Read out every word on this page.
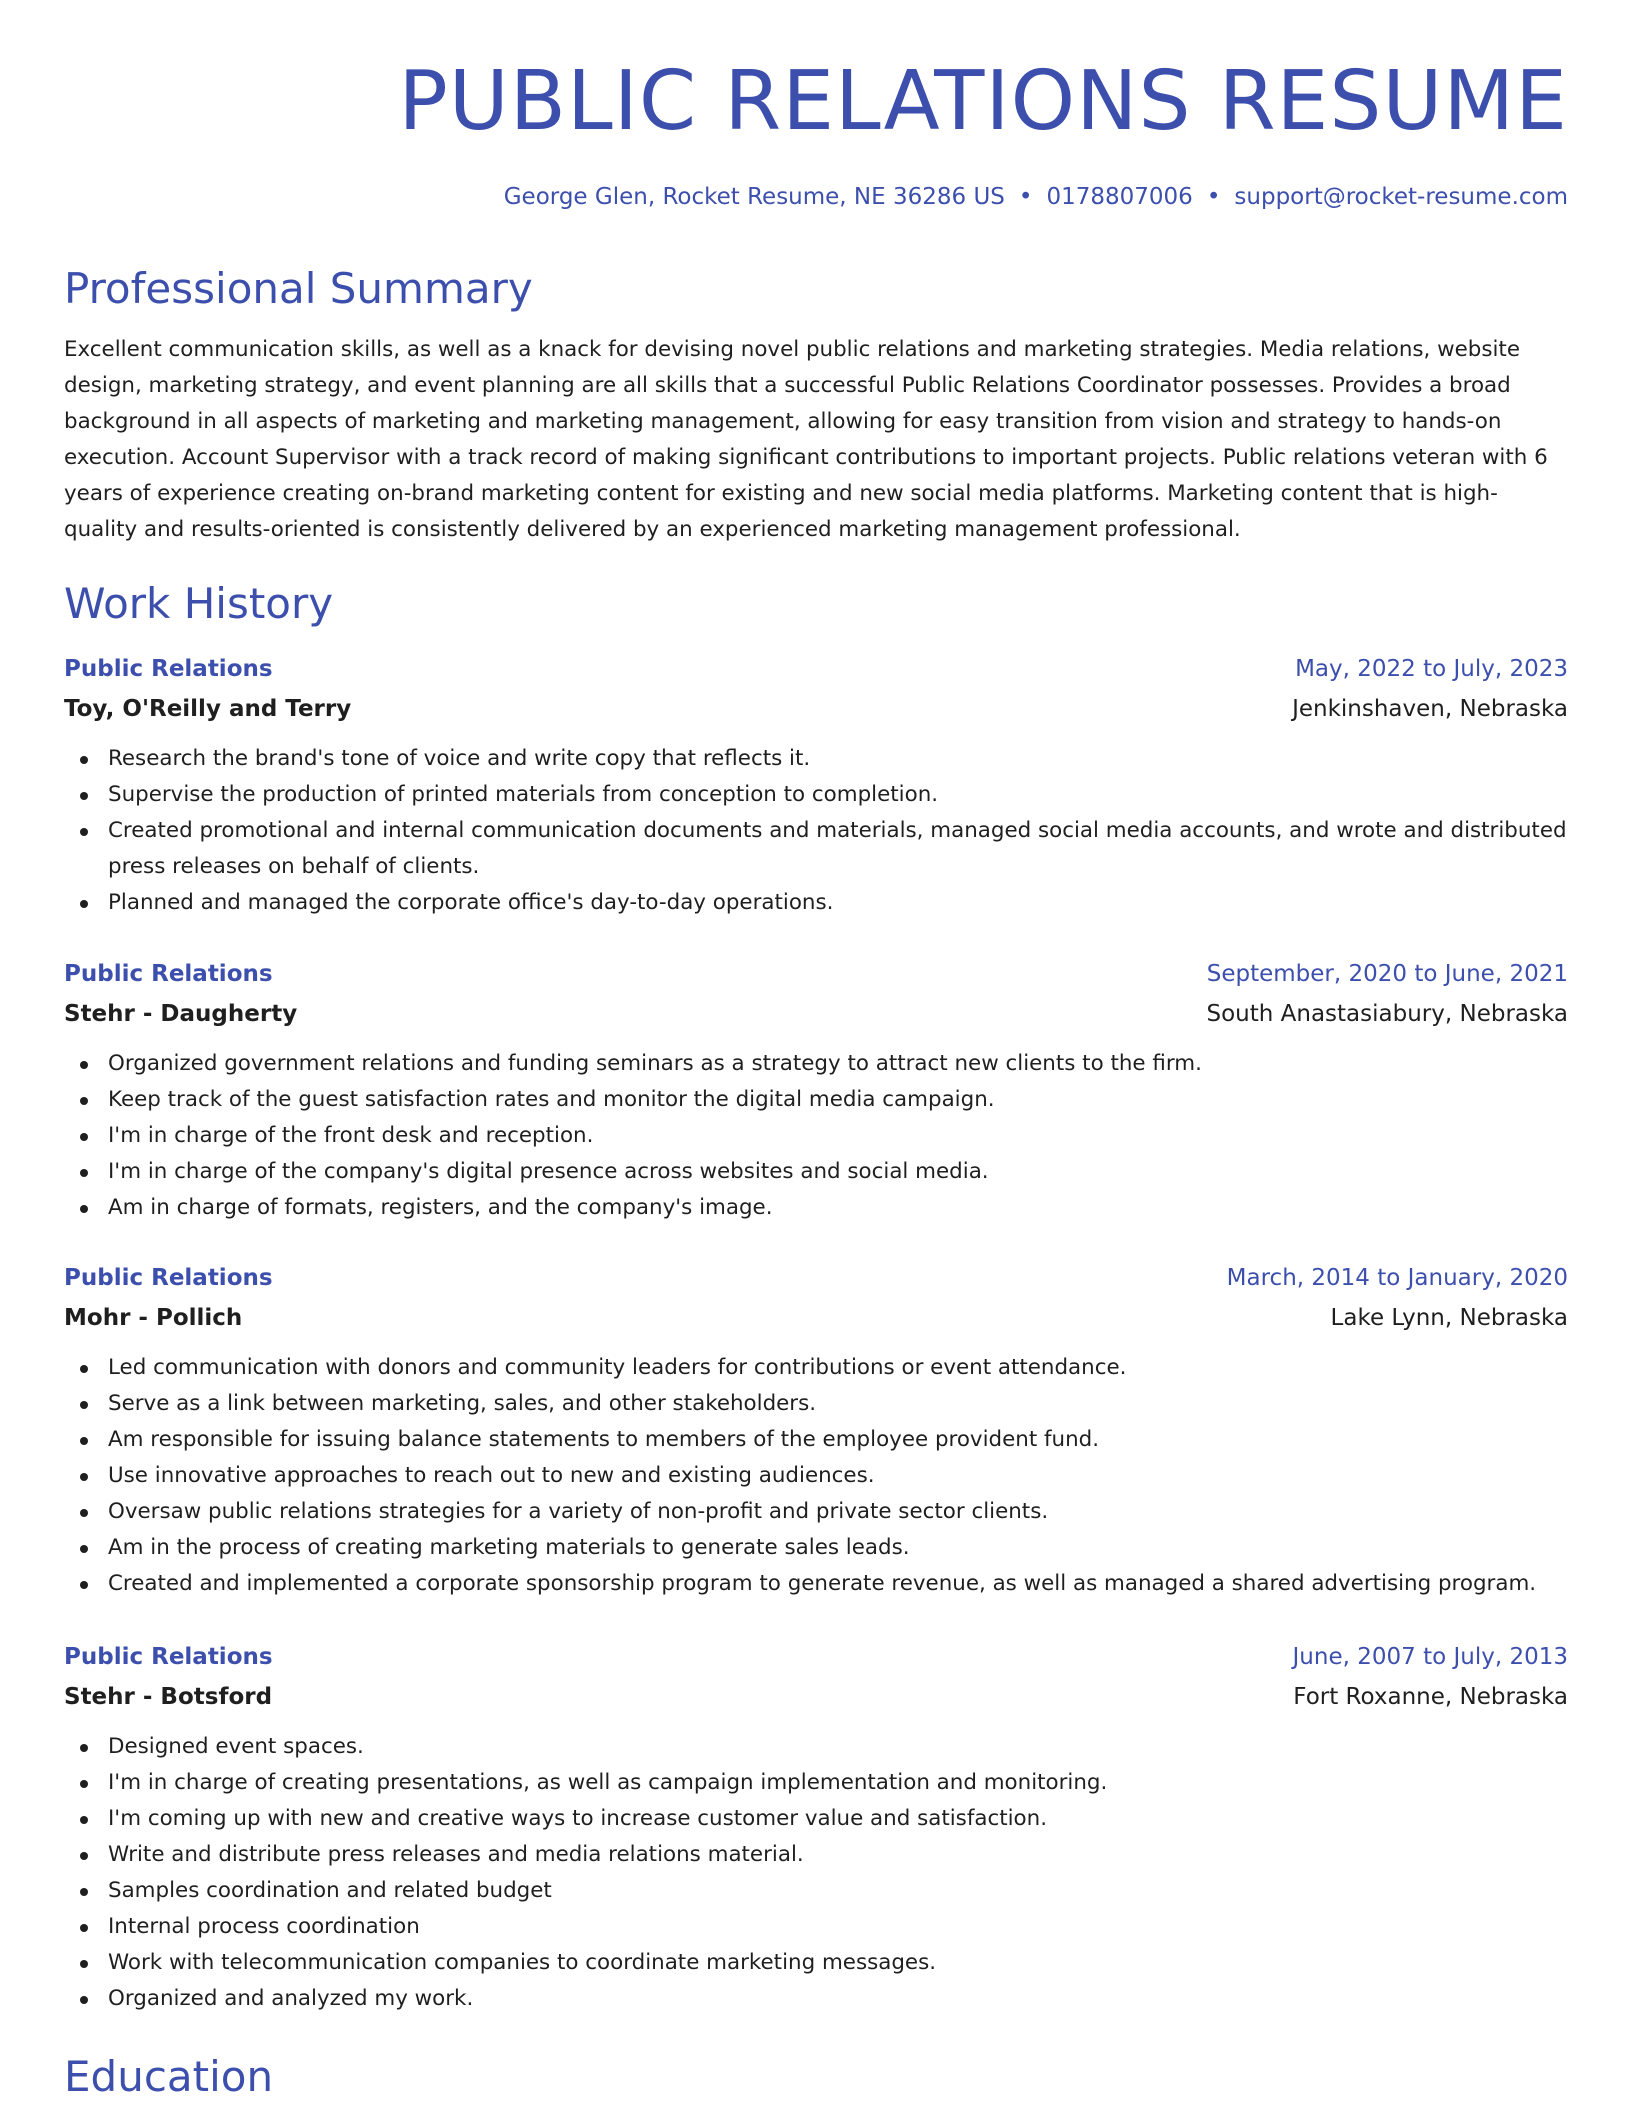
PUBLIC RELATIONS RESUME
George Glen, Rocket Resume, NE 36286 US • 0178807006 • support@rocket-resume.com
Professional Summary

Excellent communication skills, as well as a knack for devising novel public relations and marketing strategies. Media relations, website design, marketing strategy, and event planning are all skills that a successful Public Relations Coordinator possesses. Provides a broad background in all aspects of marketing and marketing management, allowing for easy transition from vision and strategy to hands-on execution. Account Supervisor with a track record of making significant contributions to important projects. Public relations veteran with 6 years of experience creating on-brand marketing content for existing and new social media platforms. Marketing content that is high-quality and results-oriented is consistently delivered by an experienced marketing management professional.

Work History
Public Relations	May, 2022 to July, 2023
Toy, O'Reilly and Terry	Jenkinshaven, Nebraska
Research the brand's tone of voice and write copy that reflects it.
Supervise the production of printed materials from conception to completion.
Created promotional and internal communication documents and materials, managed social media accounts, and wrote and distributed press releases on behalf of clients.
Planned and managed the corporate office's day-to-day operations.
Public Relations	September, 2020 to June, 2021
Stehr - Daugherty	South Anastasiabury, Nebraska
Organized government relations and funding seminars as a strategy to attract new clients to the firm.
Keep track of the guest satisfaction rates and monitor the digital media campaign.
I'm in charge of the front desk and reception.
I'm in charge of the company's digital presence across websites and social media.
Am in charge of formats, registers, and the company's image.
Public Relations	March, 2014 to January, 2020
Mohr - Pollich	Lake Lynn, Nebraska
Led communication with donors and community leaders for contributions or event attendance.
Serve as a link between marketing, sales, and other stakeholders.
Am responsible for issuing balance statements to members of the employee provident fund.
Use innovative approaches to reach out to new and existing audiences.
Oversaw public relations strategies for a variety of non-profit and private sector clients.
Am in the process of creating marketing materials to generate sales leads.
Created and implemented a corporate sponsorship program to generate revenue, as well as managed a shared advertising program.
Public Relations	June, 2007 to July, 2013
Stehr - Botsford	Fort Roxanne, Nebraska
Designed event spaces.
I'm in charge of creating presentations, as well as campaign implementation and monitoring.
I'm coming up with new and creative ways to increase customer value and satisfaction.
Write and distribute press releases and media relations material.
Samples coordination and related budget
Internal process coordination
Work with telecommunication companies to coordinate marketing messages.
Organized and analyzed my work.
Education
